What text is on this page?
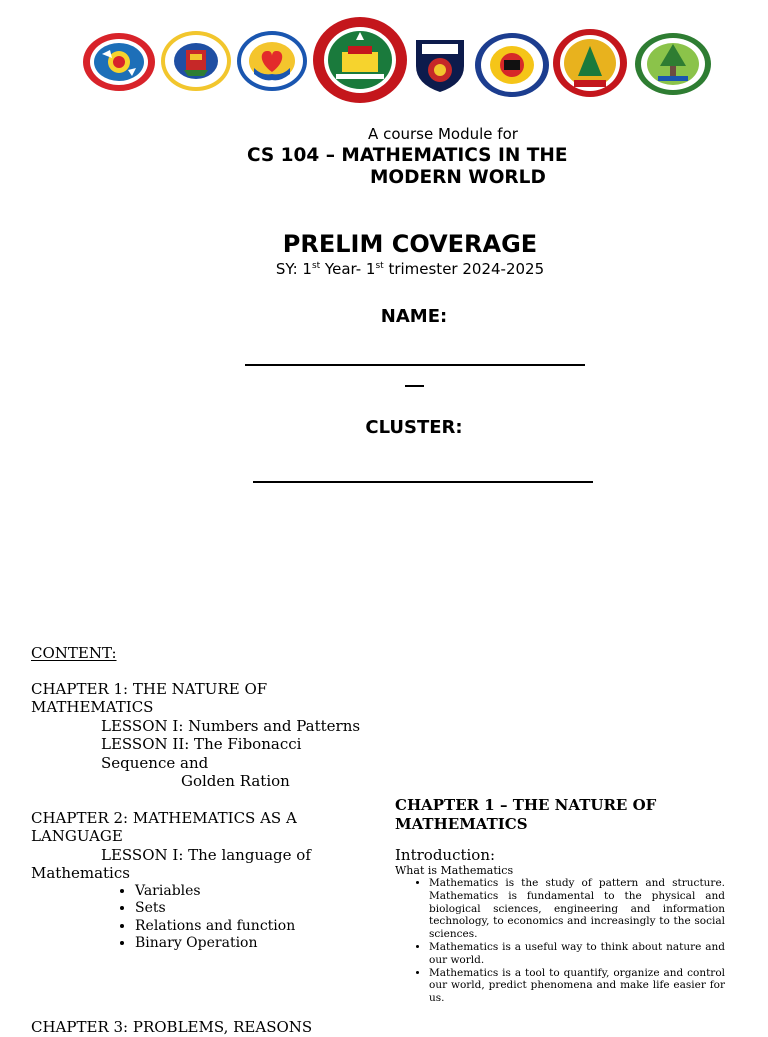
A course Module for
CS 104 – MATHEMATICS IN THE
MODERN WORLD
PRELIM COVERAGE
SY: 1st Year- 1st trimester 2024-2025
NAME:
CLUSTER:

CONTENT:

CHAPTER 1: THE NATURE OF MATHEMATICS

LESSON I: Numbers and Patterns

LESSON II: The Fibonacci Sequence and

Golden Ration

CHAPTER 2: MATHEMATICS AS A LANGUAGE

LESSON I: The language of Mathematics

• Variables
• Sets
• Relations and function
• Binary Operation
CHAPTER 3: PROBLEMS, REASONS

CHAPTER 1 – THE NATURE OF MATHEMATICS

Introduction:

What is Mathematics

• Mathematics is the study of pattern and structure. Mathematics is fundamental to the physical and biological sciences, engineering and information technology, to economics and increasingly to the social sciences.
• Mathematics is a useful way to think about nature and our world.
• Mathematics is a tool to quantify, organize and control our world, predict phenomena and make life easier for us.
